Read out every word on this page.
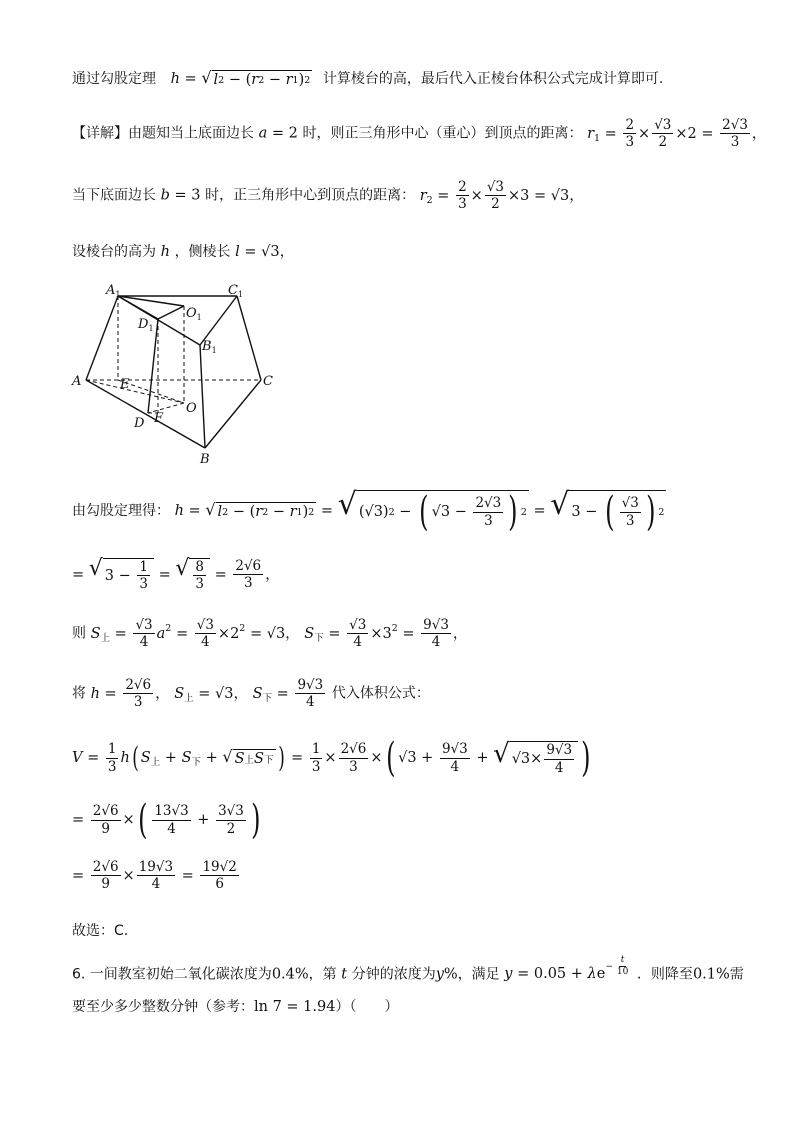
通过勾股定理 h = √ l 2 − ( r 2 − r 1 ) 2 计算棱台的高，最后代入正棱台体积公式完成计算即可.
【详解】由题知当上底面边长 a = 2 时，则正三角形中心（重心）到顶点的距离： $r_1 = \frac{2}{3} \times \frac{√3}{2} \times 2 = \frac{2√3}{3}$ ，
当下底面边长 b = 3 时，正三角形中心到顶点的距离： $r_2 = \frac{2}{3} \times \frac{√3}{2} \times 3 = √3$，
设棱台的高为 h ，侧棱长 l = √3，
$A_1$	$C_1$
$D_1$
$O_1$
$B_1$
A	E	C
O
D F
B
由勾股定理得： h = √ l 2 − ( r 2 − r 1 ) 2 = √ (√3) 2 − ( $√3 - \frac{2√3}{3}$ ) 2 = √ 3 − ( $\frac{√3}{3}$ ) 2
= √ $3 - \frac{1}{3}$ = √ $\frac{8}{3} = \frac{2√6}{3}$ ，
则 $S_上 = \frac{√3}{4} a^2 = \frac{√3}{4} \times 2^2 = √3$， $S_下 = \frac{√3}{4} \times 3^2 = \frac{9√3}{4}$ ，
将 $h = \frac{2√6}{3}$ ， $S_上 = √3$， $S_下 = \frac{9√3}{4}$ 代入体积公式：
$V = \frac{1}{3} h$( $S_上 + S_下$ + √ S 上 S 下 ) = $\frac{1}{3} \times \frac{2√6}{3}$ ×( $√3 + \frac{9√3}{4}$ + √ $√3\times \frac{9√3}{4}$ )
= $\frac{2√6}{9}$ ×( $\frac{13√3}{4} + \frac{3√3}{2}$ )
= $\frac{2√6}{9} \times \frac{19√3}{4} = \frac{19√2}{6}$
故选：C.
6. 一间教室初始二氧化碳浓度为0.4%，第 t 分钟的浓度为y%，满足 $y = 0.05 + \lambda e^{- \frac{t}{10}}$ ．则降至0.1%需
要至少多少整数分钟（参考：ln 7 = 1.94）（　　）
